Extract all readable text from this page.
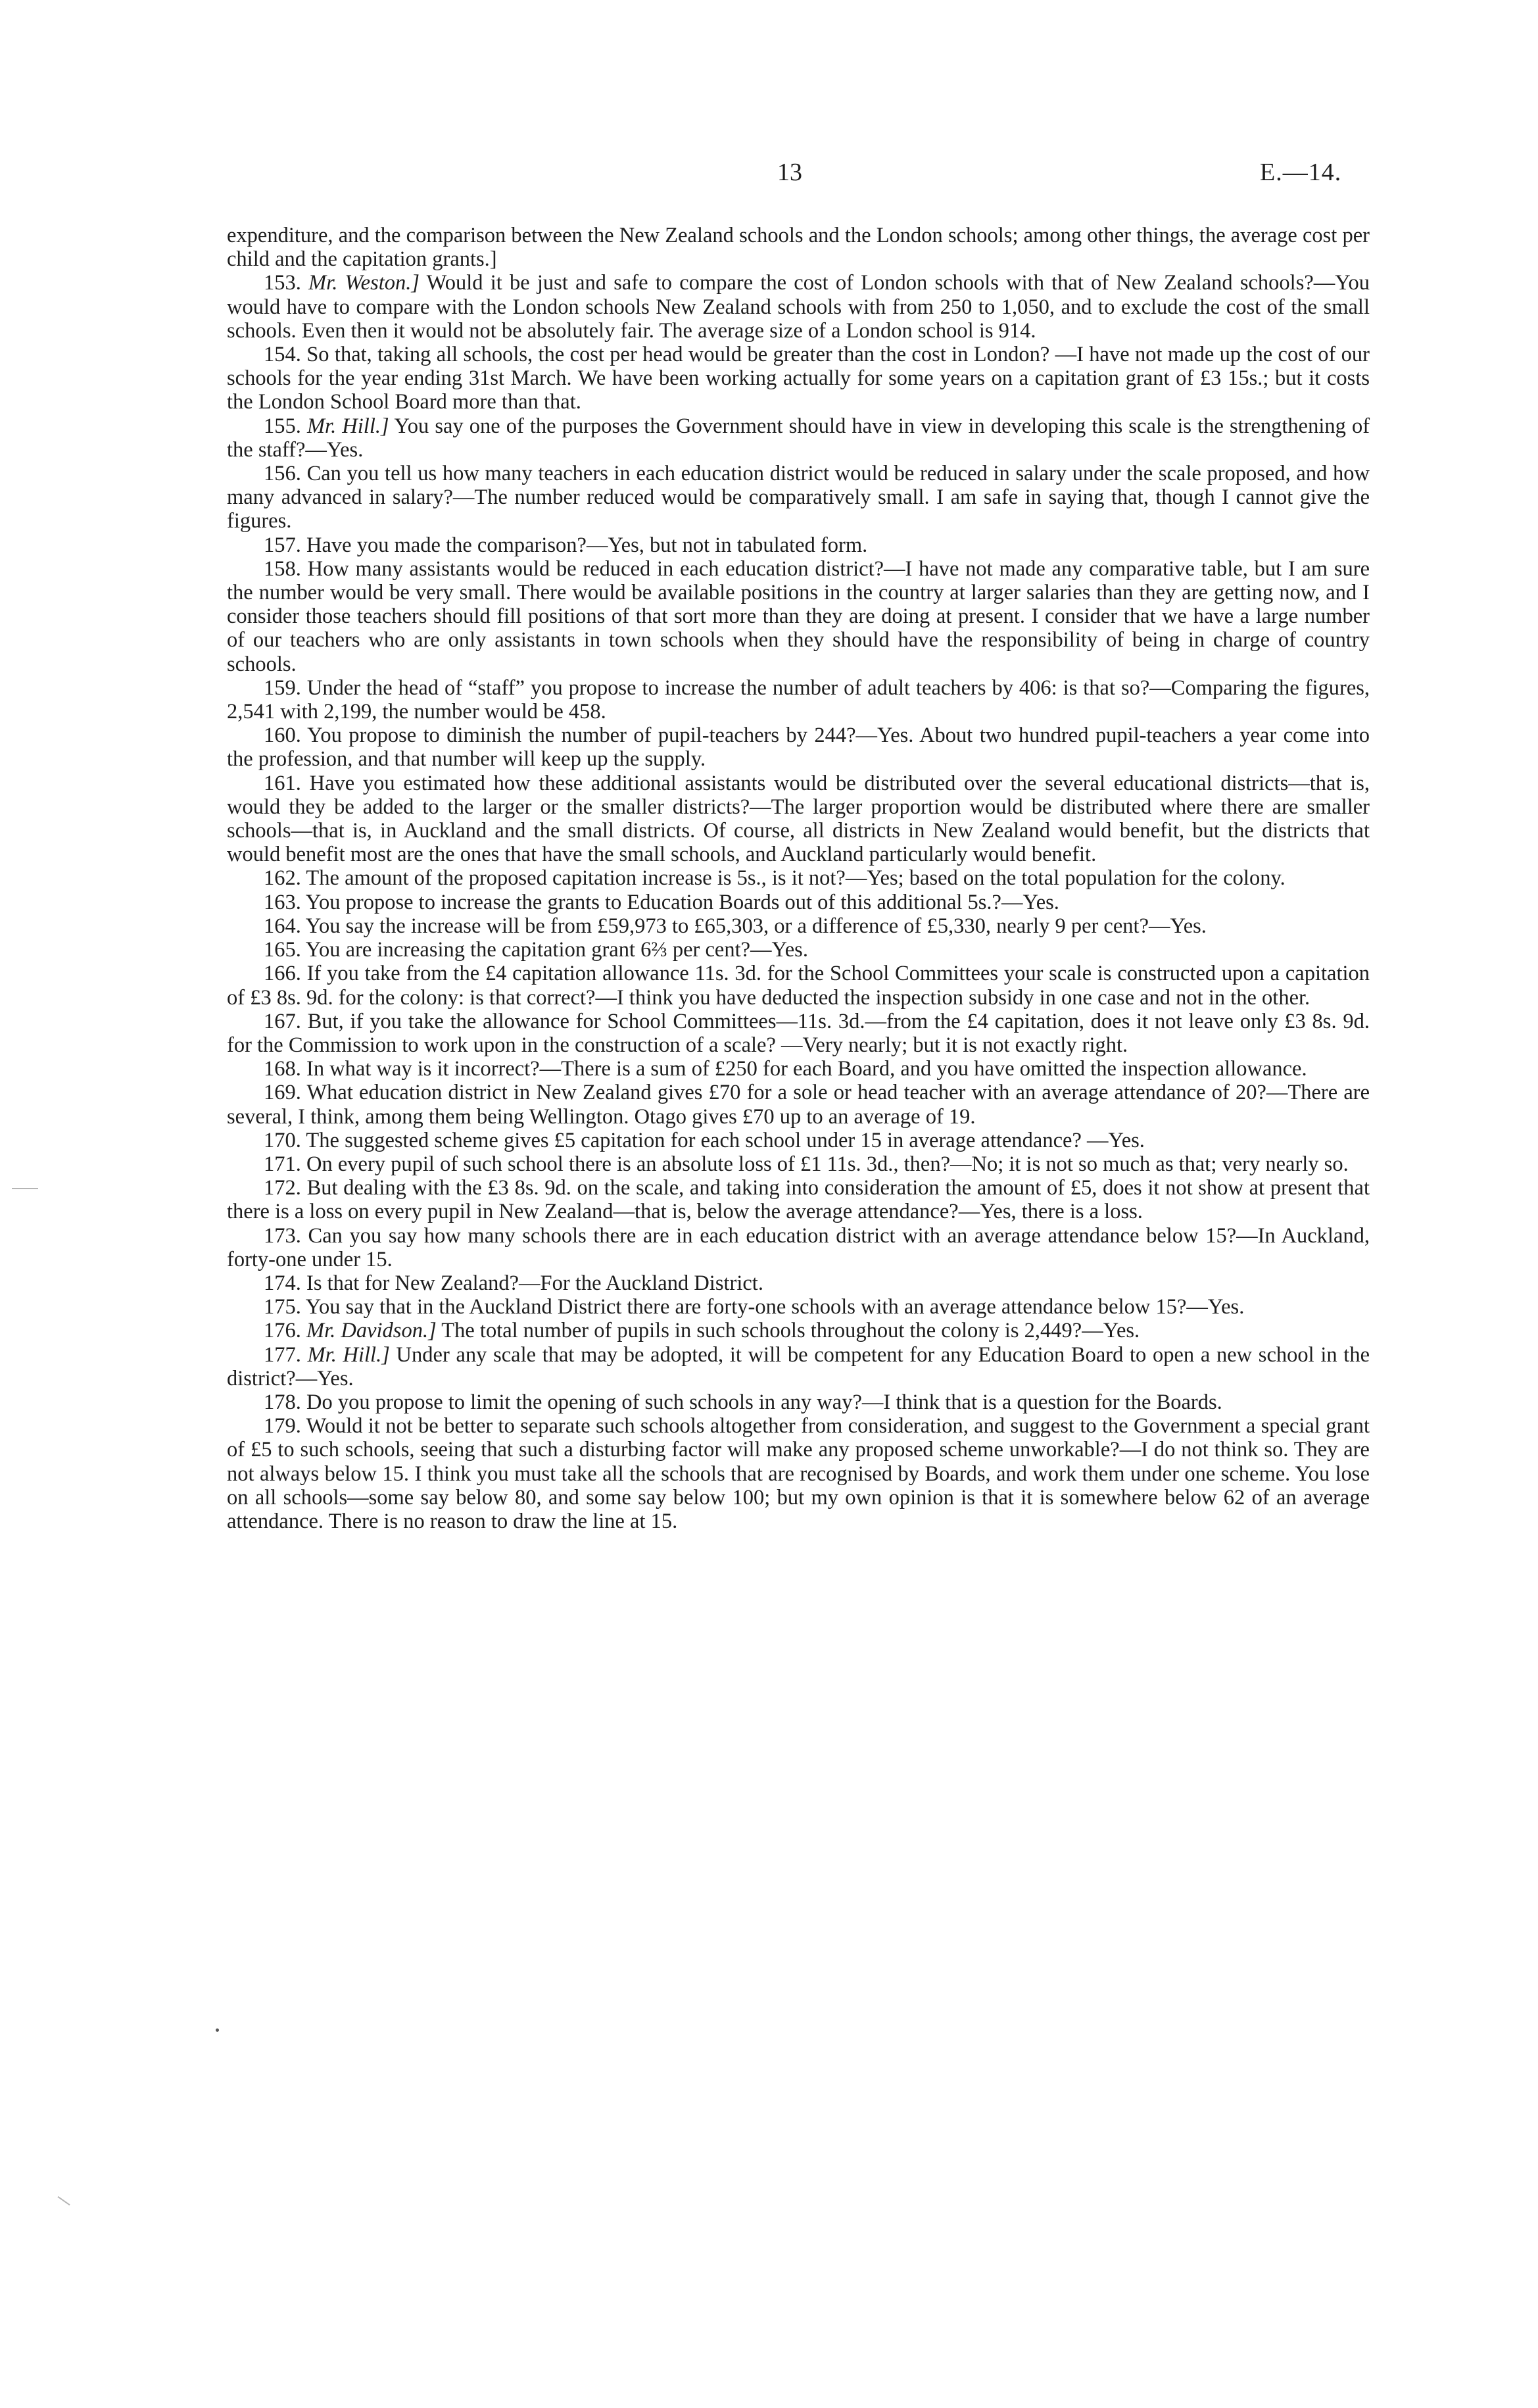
13	E.—14.

expenditure, and the comparison between the New Zealand schools and the London schools; among other things, the average cost per child and the capitation grants.]

153. Mr. Weston.] Would it be just and safe to compare the cost of London schools with that of New Zealand schools?—You would have to compare with the London schools New Zealand schools with from 250 to 1,050, and to exclude the cost of the small schools. Even then it would not be absolutely fair. The average size of a London school is 914.

154. So that, taking all schools, the cost per head would be greater than the cost in London? —I have not made up the cost of our schools for the year ending 31st March. We have been working actually for some years on a capitation grant of £3 15s.; but it costs the London School Board more than that.

155. Mr. Hill.] You say one of the purposes the Government should have in view in developing this scale is the strengthening of the staff?—Yes.

156. Can you tell us how many teachers in each education district would be reduced in salary under the scale proposed, and how many advanced in salary?—The number reduced would be comparatively small. I am safe in saying that, though I cannot give the figures.

157. Have you made the comparison?—Yes, but not in tabulated form.

158. How many assistants would be reduced in each education district?—I have not made any comparative table, but I am sure the number would be very small. There would be available positions in the country at larger salaries than they are getting now, and I consider those teachers should fill positions of that sort more than they are doing at present. I consider that we have a large number of our teachers who are only assistants in town schools when they should have the responsibility of being in charge of country schools.

159. Under the head of “staff” you propose to increase the number of adult teachers by 406: is that so?—Comparing the figures, 2,541 with 2,199, the number would be 458.

160. You propose to diminish the number of pupil-teachers by 244?—Yes. About two hundred pupil-teachers a year come into the profession, and that number will keep up the supply.

161. Have you estimated how these additional assistants would be distributed over the several educational districts—that is, would they be added to the larger or the smaller districts?—The larger proportion would be distributed where there are smaller schools—that is, in Auckland and the small districts. Of course, all districts in New Zealand would benefit, but the districts that would benefit most are the ones that have the small schools, and Auckland particularly would benefit.

162. The amount of the proposed capitation increase is 5s., is it not?—Yes; based on the total population for the colony.

163. You propose to increase the grants to Education Boards out of this additional 5s.?—Yes.

164. You say the increase will be from £59,973 to £65,303, or a difference of £5,330, nearly 9 per cent?—Yes.

165. You are increasing the capitation grant 6⅔ per cent?—Yes.

166. If you take from the £4 capitation allowance 11s. 3d. for the School Committees your scale is constructed upon a capitation of £3 8s. 9d. for the colony: is that correct?—I think you have deducted the inspection subsidy in one case and not in the other.

167. But, if you take the allowance for School Committees—11s. 3d.—from the £4 capitation, does it not leave only £3 8s. 9d. for the Commission to work upon in the construction of a scale? —Very nearly; but it is not exactly right.

168. In what way is it incorrect?—There is a sum of £250 for each Board, and you have omitted the inspection allowance.

169. What education district in New Zealand gives £70 for a sole or head teacher with an average attendance of 20?—There are several, I think, among them being Wellington. Otago gives £70 up to an average of 19.

170. The suggested scheme gives £5 capitation for each school under 15 in average attendance? —Yes.

171. On every pupil of such school there is an absolute loss of £1 11s. 3d., then?—No; it is not so much as that; very nearly so.

172. But dealing with the £3 8s. 9d. on the scale, and taking into consideration the amount of £5, does it not show at present that there is a loss on every pupil in New Zealand—that is, below the average attendance?—Yes, there is a loss.

173. Can you say how many schools there are in each education district with an average attendance below 15?—In Auckland, forty-one under 15.

174. Is that for New Zealand?—For the Auckland District.

175. You say that in the Auckland District there are forty-one schools with an average attendance below 15?—Yes.

176. Mr. Davidson.] The total number of pupils in such schools throughout the colony is 2,449?—Yes.

177. Mr. Hill.] Under any scale that may be adopted, it will be competent for any Education Board to open a new school in the district?—Yes.

178. Do you propose to limit the opening of such schools in any way?—I think that is a question for the Boards.

179. Would it not be better to separate such schools altogether from consideration, and suggest to the Government a special grant of £5 to such schools, seeing that such a disturbing factor will make any proposed scheme unworkable?—I do not think so. They are not always below 15. I think you must take all the schools that are recognised by Boards, and work them under one scheme. You lose on all schools—some say below 80, and some say below 100; but my own opinion is that it is somewhere below 62 of an average attendance. There is no reason to draw the line at 15.
